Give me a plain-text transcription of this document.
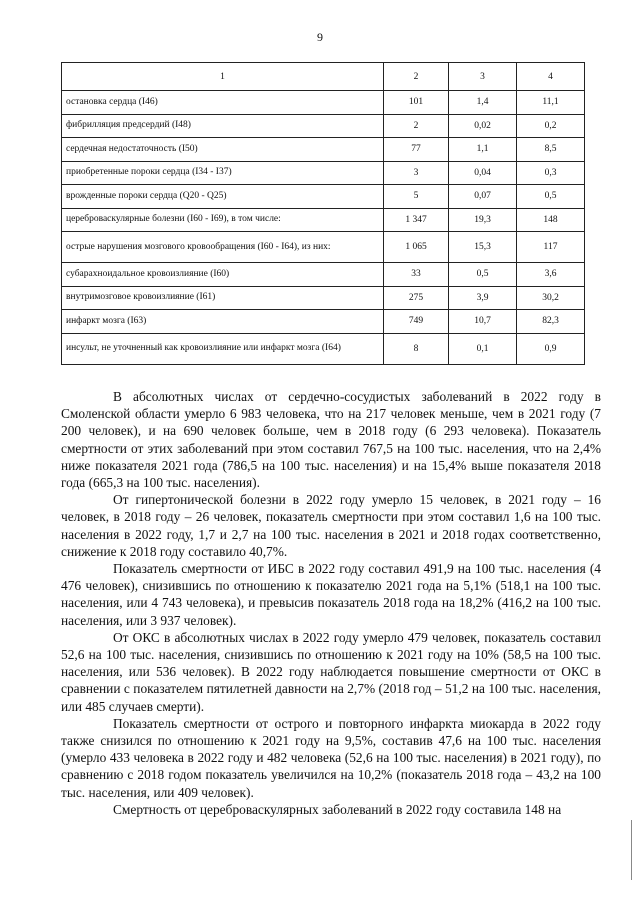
9
1	2	3	4
остановка сердца (I46)	101	1,4	11,1
фибрилляция предсердий (I48)	2	0,02	0,2
сердечная недостаточность (I50)	77	1,1	8,5
приобретенные пороки сердца (I34 - I37)	3	0,04	0,3
врожденные пороки сердца (Q20 - Q25)	5	0,07	0,5
цереброваскулярные болезни (I60 - I69), в том числе:	1 347	19,3	148
острые нарушения мозгового кровообращения (I60 - I64), из них:	1 065	15,3	117
субарахноидальное кровоизлияние (I60)	33	0,5	3,6
внутримозговое кровоизлияние (I61)	275	3,9	30,2
инфаркт мозга (I63)	749	10,7	82,3
инсульт, не уточненный как кровоизлияние или инфаркт мозга (I64)	8	0,1	0,9

В абсолютных числах от сердечно-сосудистых заболеваний в 2022 году в Смоленской области умерло 6 983 человека, что на 217 человек меньше, чем в 2021 году (7 200 человек), и на 690 человек больше, чем в 2018 году (6 293 человека). Показатель смертности от этих заболеваний при этом составил 767,5 на 100 тыс. населения, что на 2,4% ниже показателя 2021 года (786,5 на 100 тыс. населения) и на 15,4% выше показателя 2018 года (665,3 на 100 тыс. населения).

От гипертонической болезни в 2022 году умерло 15 человек, в 2021 году – 16 человек, в 2018 году – 26 человек, показатель смертности при этом составил 1,6 на 100 тыс. населения в 2022 году, 1,7 и 2,7 на 100 тыс. населения в 2021 и 2018 годах соответственно, снижение к 2018 году составило 40,7%.

Показатель смертности от ИБС в 2022 году составил 491,9 на 100 тыс. населения (4 476 человек), снизившись по отношению к показателю 2021 года на 5,1% (518,1 на 100 тыс. населения, или 4 743 человека), и превысив показатель 2018 года на 18,2% (416,2 на 100 тыс. населения, или 3 937 человек).

От ОКС в абсолютных числах в 2022 году умерло 479 человек, показатель составил 52,6 на 100 тыс. населения, снизившись по отношению к 2021 году на 10% (58,5 на 100 тыс. населения, или 536 человек). В 2022 году наблюдается повышение смертности от ОКС в сравнении с показателем пятилетней давности на 2,7% (2018 год – 51,2 на 100 тыс. населения, или 485 случаев смерти).

Показатель смертности от острого и повторного инфаркта миокарда в 2022 году также снизился по отношению к 2021 году на 9,5%, составив 47,6 на 100 тыс. населения (умерло 433 человека в 2022 году и 482 человека (52,6 на 100 тыс. населения) в 2021 году), по сравнению с 2018 годом показатель увеличился на 10,2% (показатель 2018 года – 43,2 на 100 тыс. населения, или 409 человек).

Смертность от цереброваскулярных заболеваний в 2022 году составила 148 на
